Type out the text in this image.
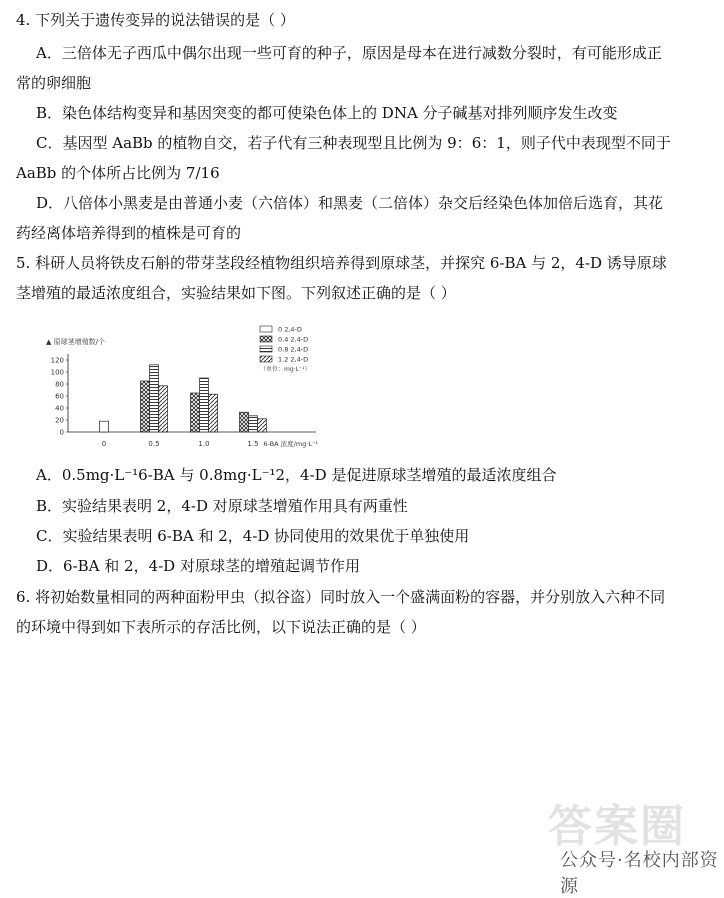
4. 下列关于遗传变异的说法错误的是（ ）
A．三倍体无子西瓜中偶尔出现一些可育的种子，原因是母本在进行减数分裂时，有可能形成正
常的卵细胞
B．染色体结构变异和基因突变的都可使染色体上的 DNA 分子碱基对排列顺序发生改变
C．基因型 AaBb 的植物自交，若子代有三种表现型且比例为 9：6：1，则子代中表现型不同于
AaBb 的个体所占比例为 7/16
D．八倍体小黑麦是由普通小麦（六倍体）和黑麦（二倍体）杂交后经染色体加倍后选育，其花
药经离体培养得到的植株是可育的
5. 科研人员将铁皮石斛的带芽茎段经植物组织培养得到原球茎，并探究 6-BA 与 2，4-D 诱导原球
茎增殖的最适浓度组合，实验结果如下图。下列叙述正确的是（ ）
▲ 原球茎增殖数/个
0
20
40
60
80
100
120
0	0.5	1.0	1.5 6-BA 浓度/mg·L⁻¹
0 2,4-D
0.4 2,4-D
0.8 2,4-D
1.2 2,4-D
（单位：mg·L⁻¹）
A．0.5mg·L⁻¹6-BA 与 0.8mg·L⁻¹2，4-D 是促进原球茎增殖的最适浓度组合
B．实验结果表明 2，4-D 对原球茎增殖作用具有两重性
C．实验结果表明 6-BA 和 2，4-D 协同使用的效果优于单独使用
D．6-BA 和 2，4-D 对原球茎的增殖起调节作用
6. 将初始数量相同的两种面粉甲虫（拟谷盗）同时放入一个盛满面粉的容器，并分别放入六种不同
的环境中得到如下表所示的存活比例，以下说法正确的是（ ）
答案圈
公众号·名校内部资源
